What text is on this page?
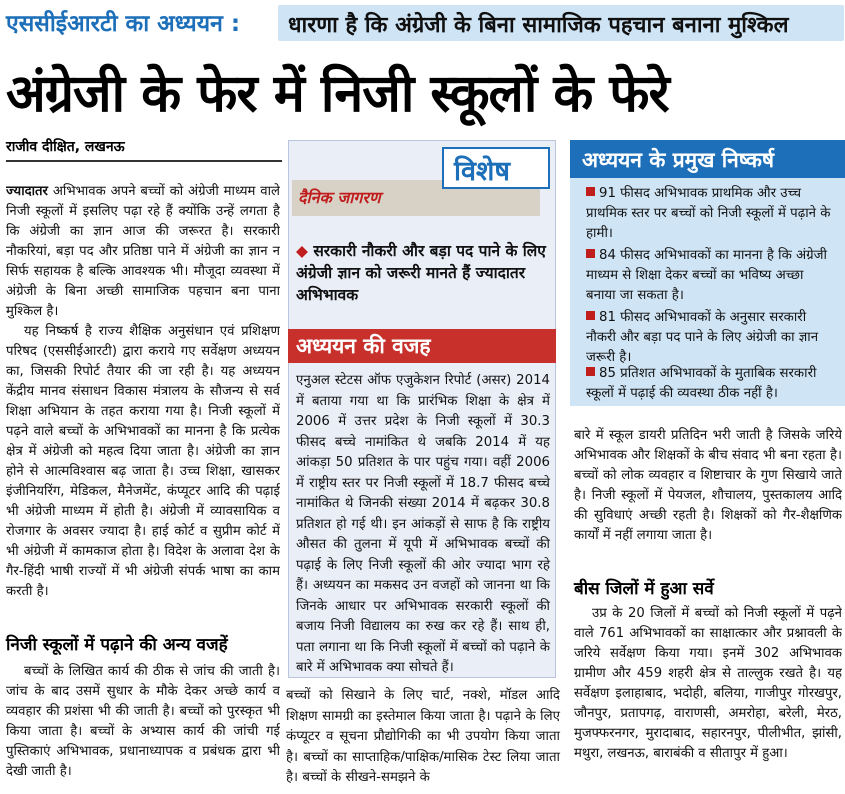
एससीईआरटी का अध्ययन : धारणा है कि अंग्रेजी के बिना सामाजिक पहचान बनाना मुश्किल
अंग्रेजी के फेर में निजी स्कूलों के फेरे
राजीव दीक्षित, लखनऊ

ज्यादातर अभिभावक अपने बच्चों को अंग्रेजी माध्यम वाले निजी स्कूलों में इसलिए पढ़ा रहे हैं क्योंकि उन्हें लगता है कि अंग्रेजी का ज्ञान आज की जरूरत है। सरकारी नौकरियां, बड़ा पद और प्रतिष्ठा पाने में अंग्रेजी का ज्ञान न सिर्फ सहायक है बल्कि आवश्यक भी। मौजूदा व्यवस्था में अंग्रेजी के बिना अच्छी सामाजिक पहचान बना पाना मुश्किल है।

यह निष्कर्ष है राज्य शैक्षिक अनुसंधान एवं प्रशिक्षण परिषद (एससीईआरटी) द्वारा कराये गए सर्वेक्षण अध्ययन का, जिसकी रिपोर्ट तैयार की जा रही है। यह अध्ययन केंद्रीय मानव संसाधन विकास मंत्रालय के सौजन्य से सर्व शिक्षा अभियान के तहत कराया गया है। निजी स्कूलों में पढ़ने वाले बच्चों के अभिभावकों का मानना है कि प्रत्येक क्षेत्र में अंग्रेजी को महत्व दिया जाता है। अंग्रेजी का ज्ञान होने से आत्मविश्वास बढ़ जाता है। उच्च शिक्षा, खासकर इंजीनियरिंग, मेडिकल, मैनेजमेंट, कंप्यूटर आदि की पढ़ाई भी अंग्रेजी माध्यम में होती है। अंग्रेजी में व्यावसायिक व रोजगार के अवसर ज्यादा है। हाई कोर्ट व सुप्रीम कोर्ट में भी अंग्रेजी में कामकाज होता है। विदेश के अलावा देश के गैर-हिंदी भाषी राज्यों में भी अंग्रेजी संपर्क भाषा का काम करती है।

निजी स्कूलों में पढ़ाने की अन्य वजहें

बच्चों के लिखित कार्य की ठीक से जांच की जाती है। जांच के बाद उसमें सुधार के मौके देकर अच्छे कार्य व व्यवहार की प्रशंसा भी की जाती है। बच्चों को पुरस्कृत भी किया जाता है। बच्चों के अभ्यास कार्य की जांची गई पुस्तिकाएं अभिभावक, प्रधानाध्यापक व प्रबंधक द्वारा भी देखी जाती है।

दैनिक जागरण
विशेष
◆ सरकारी नौकरी और बड़ा पद पाने के लिए अंग्रेजी ज्ञान को जरूरी मानते हैं ज्यादातर अभिभावक
अध्ययन की वजह
एनुअल स्टेटस ऑफ एजुकेशन रिपोर्ट (असर) 2014 में बताया गया था कि प्रारंभिक शिक्षा के क्षेत्र में 2006 में उत्तर प्रदेश के निजी स्कूलों में 30.3 फीसद बच्चे नामांकित थे जबकि 2014 में यह आंकड़ा 50 प्रतिशत के पार पहुंच गया। वहीं 2006 में राष्ट्रीय स्तर पर निजी स्कूलों में 18.7 फीसद बच्चे नामांकित थे जिनकी संख्या 2014 में बढ़कर 30.8 प्रतिशत हो गई थी। इन आंकड़ों से साफ है कि राष्ट्रीय औसत की तुलना में यूपी में अभिभावक बच्चों की पढ़ाई के लिए निजी स्कूलों की ओर ज्यादा भाग रहे हैं। अध्ययन का मकसद उन वजहों को जानना था कि जिनके आधार पर अभिभावक सरकारी स्कूलों की बजाय निजी विद्यालय का रुख कर रहे हैं। साथ ही, पता लगाना था कि निजी स्कूलों में बच्चों को पढ़ाने के बारे में अभिभावक क्या सोचते हैं।
बच्चों को सिखाने के लिए चार्ट, नक्शे, मॉडल आदि शिक्षण सामग्री का इस्तेमाल किया जाता है। पढ़ाने के लिए कंप्यूटर व सूचना प्रौद्योगिकी का भी उपयोग किया जाता है। बच्चों का साप्ताहिक/पाक्षिक/मासिक टेस्ट लिया जाता है। बच्चों के सीखने-समझने के
अध्ययन के प्रमुख निष्कर्ष
91 फीसद अभिभावक प्राथमिक और उच्च प्राथमिक स्तर पर बच्चों को निजी स्कूलों में पढ़ाने के हामी।
84 फीसद अभिभावकों का मानना है कि अंग्रेजी माध्यम से शिक्षा देकर बच्चों का भविष्य अच्छा बनाया जा सकता है।
81 फीसद अभिभावकों के अनुसार सरकारी नौकरी और बड़ा पद पाने के लिए अंग्रेजी का ज्ञान जरूरी है।
85 प्रतिशत अभिभावकों के मुताबिक सरकारी स्कूलों में पढ़ाई की व्यवस्था ठीक नहीं है।

बारे में स्कूल डायरी प्रतिदिन भरी जाती है जिसके जरिये अभिभावक और शिक्षकों के बीच संवाद भी बना रहता है। बच्चों को लोक व्यवहार व शिष्टाचार के गुण सिखाये जाते है। निजी स्कूलों में पेयजल, शौचालय, पुस्तकालय आदि की सुविधाएं अच्छी रहती है। शिक्षकों को गैर-शैक्षणिक कार्यों में नहीं लगाया जाता है।

बीस जिलों में हुआ सर्वे

उप्र के 20 जिलों में बच्चों को निजी स्कूलों में पढ़ने वाले 761 अभिभावकों का साक्षात्कार और प्रश्नावली के जरिये सर्वेक्षण किया गया। इनमें 302 अभिभावक ग्रामीण और 459 शहरी क्षेत्र से ताल्लुक रखते है। यह सर्वेक्षण इलाहाबाद, भदोही, बलिया, गाजीपुर गोरखपुर, जौनपुर, प्रतापगढ़, वाराणसी, अमरोहा, बरेली, मेरठ, मुजफ्फरनगर, मुरादाबाद, सहारनपुर, पीलीभीत, झांसी, मथुरा, लखनऊ, बाराबंकी व सीतापुर में हुआ।
